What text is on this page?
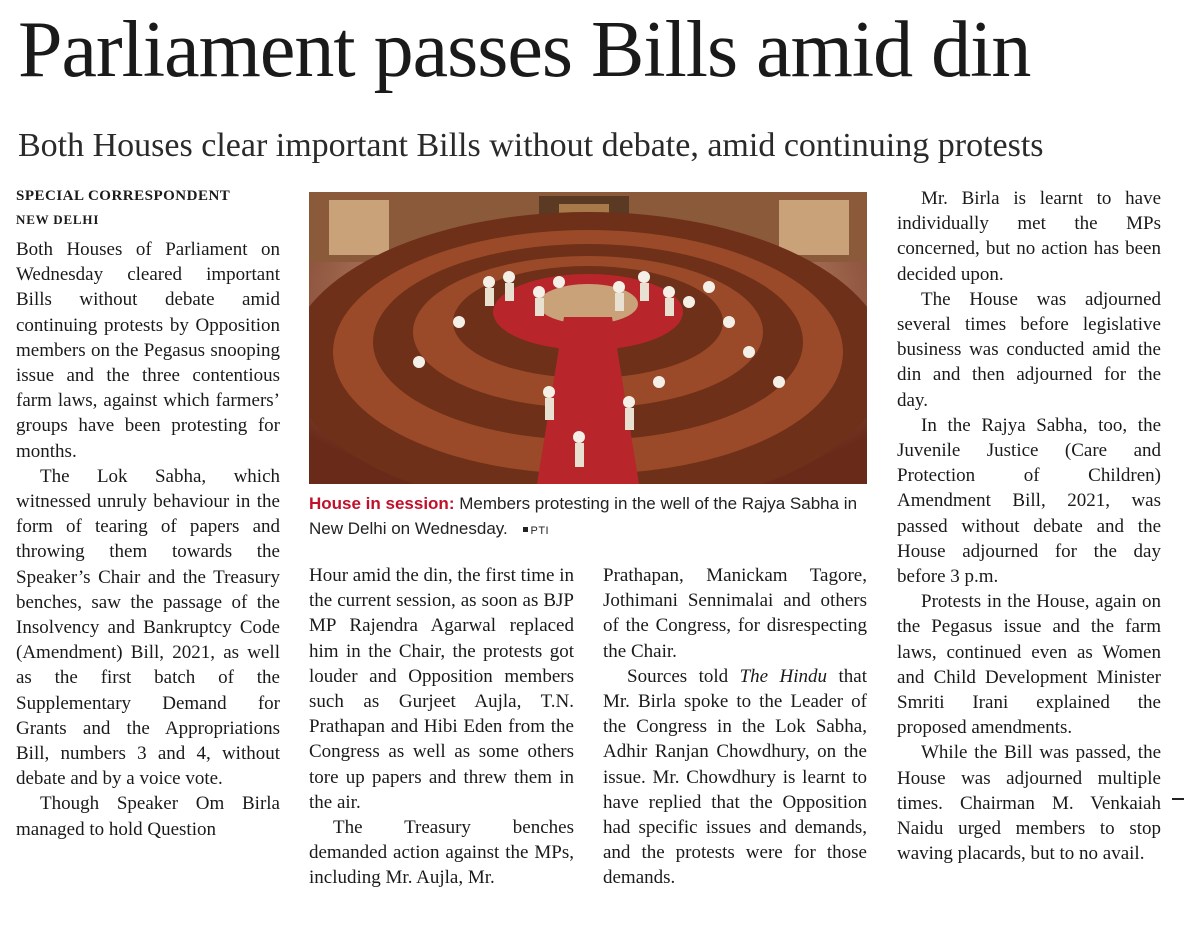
Parliament passes Bills amid din
Both Houses clear important Bills without debate, amid continuing protests
SPECIAL CORRESPONDENT
NEW DELHI

Both Houses of Parliament on Wednesday cleared important Bills without debate amid continuing protests by Opposition members on the Pegasus snooping issue and the three contentious farm laws, against which farmers’ groups have been protesting for months.

The Lok Sabha, which witnessed unruly behaviour in the form of tearing of papers and throwing them towards the Speaker’s Chair and the Treasury benches, saw the passage of the Insolvency and Bankruptcy Code (Amendment) Bill, 2021, as well as the first batch of the Supplementary Demand for Grants and the Appropriations Bill, numbers 3 and 4, without debate and by a voice vote.

Though Speaker Om Birla managed to hold Question

House in session: Members protesting in the well of the Rajya Sabha in New Delhi on Wednesday. PTI

Hour amid the din, the first time in the current session, as soon as BJP MP Rajendra Agarwal replaced him in the Chair, the protests got louder and Opposition members such as Gurjeet Aujla, T.N. Prathapan and Hibi Eden from the Congress as well as some others tore up papers and threw them in the air.

The Treasury benches demanded action against the MPs, including Mr. Aujla, Mr.

Prathapan, Manickam Tagore, Jothimani Sennimalai and others of the Congress, for disrespecting the Chair.

Sources told The Hindu that Mr. Birla spoke to the Leader of the Congress in the Lok Sabha, Adhir Ranjan Chowdhury, on the issue. Mr. Chowdhury is learnt to have replied that the Opposition had specific issues and demands, and the protests were for those demands.

Mr. Birla is learnt to have individually met the MPs concerned, but no action has been decided upon.

The House was adjourned several times before legislative business was conducted amid the din and then adjourned for the day.

In the Rajya Sabha, too, the Juvenile Justice (Care and Protection of Children) Amendment Bill, 2021, was passed without debate and the House adjourned for the day before 3 p.m.

Protests in the House, again on the Pegasus issue and the farm laws, continued even as Women and Child Development Minister Smriti Irani explained the proposed amendments.

While the Bill was passed, the House was adjourned multiple times. Chairman M. Venkaiah Naidu urged members to stop waving placards, but to no avail.
